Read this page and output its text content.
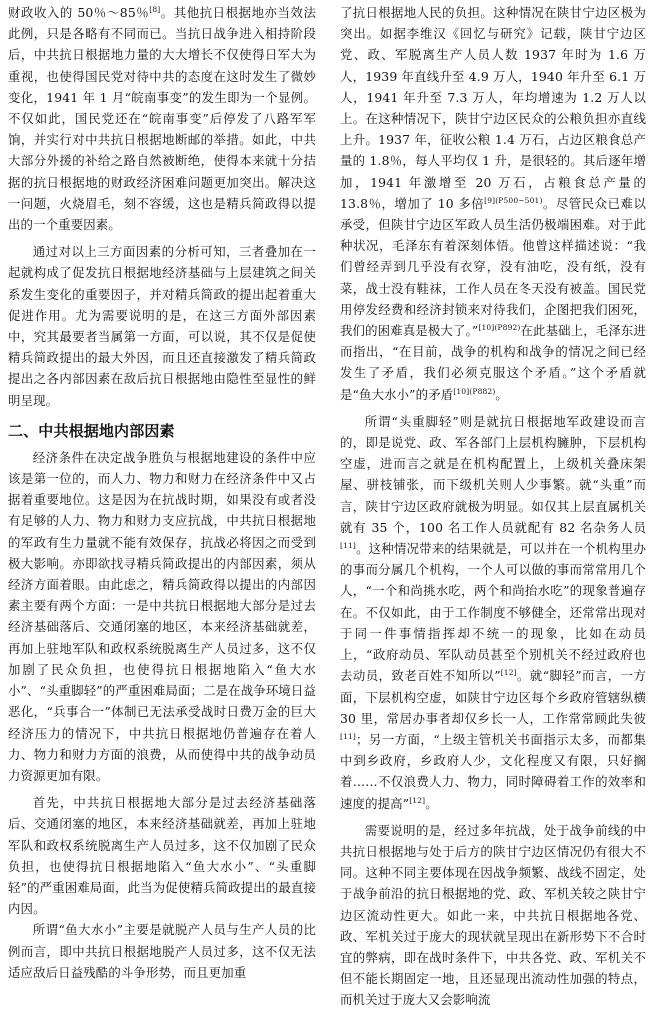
财政收入的 50％～85％[8]。其他抗日根据地亦当效法此例，只是各略有不同而已。当抗日战争进入相持阶段后，中共抗日根据地力量的大大增长不仅使得日军大为重视，也使得国民党对待中共的态度在这时发生了微妙变化，1941 年 1 月“皖南事变”的发生即为一个显例。不仅如此，国民党还在“皖南事变”后停发了八路军军饷，并实行对中共抗日根据地断邮的举措。如此，中共大部分外援的补给之路自然被断绝，使得本来就十分拮据的抗日根据地的财政经济困难问题更加突出。解决这一问题，火烧眉毛，刻不容缓，这也是精兵简政得以提出的一个重要因素。

通过对以上三方面因素的分析可知，三者叠加在一起就构成了促发抗日根据地经济基础与上层建筑之间关系发生变化的重要因子，并对精兵简政的提出起着重大促进作用。尤为需要说明的是，在这三方面外部因素中，究其最要者当属第一方面，可以说，其不仅是促使精兵简政提出的最大外因，而且还直接激发了精兵简政提出之各内部因素在敌后抗日根据地由隐性至显性的鲜明呈现。

二、中共根据地内部因素

经济条件在决定战争胜负与根据地建设的条件中应该是第一位的，而人力、物力和财力在经济条件中又占据着重要地位。这是因为在抗战时期，如果没有或者没有足够的人力、物力和财力支应抗战，中共抗日根据地的军政有生力量就不能有效保存，抗战必将因之而受到极大影响。亦即欲找寻精兵简政提出的内部因素，须从经济方面着眼。由此虑之，精兵简政得以提出的内部因素主要有两个方面：一是中共抗日根据地大部分是过去经济基础落后、交通闭塞的地区，本来经济基础就差，再加上驻地军队和政权系统脱离生产人员过多，这不仅加剧了民众负担，也使得抗日根据地陷入“鱼大水小”、“头重脚轻”的严重困难局面；二是在战争环境日益恶化，“兵事合一”体制已无法承受战时日费万金的巨大经济压力的情况下，中共抗日根据地仍普遍存在着人力、物力和财力方面的浪费，从而使得中共的战争动员力资源更加有限。

首先，中共抗日根据地大部分是过去经济基础落后、交通闭塞的地区，本来经济基础就差，再加上驻地军队和政权系统脱离生产人员过多，这不仅加剧了民众负担，也使得抗日根据地陷入“鱼大水小”、“头重脚轻”的严重困难局面，此当为促使精兵简政提出的最直接内因。

所谓“鱼大水小”主要是就脱产人员与生产人员的比例而言，即中共抗日根据地脱产人员过多，这不仅无法适应敌后日益残酷的斗争形势，而且更加重

了抗日根据地人民的负担。这种情况在陕甘宁边区极为突出。如据李维汉《回忆与研究》记载，陕甘宁边区党、政、军脱离生产人员人数 1937 年时为 1.6 万人，1939 年直线升至 4.9 万人，1940 年升至 6.1 万人，1941 年升至 7.3 万人，年均增速为 1.2 万人以上。在这种情况下，陕甘宁边区民众的公粮负担亦直线上升。1937 年，征收公粮 1.4 万石，占边区粮食总产量的 1.8％，每人平均仅 1 升，是很轻的。其后逐年增加，1941 年激增至 20 万石，占粮食总产量的 13.8％，增加了 10 多倍$^{[9](P500\sim 501)}$。尽管民众已难以承受，但陕甘宁边区军政人员生活仍极端困难。对于此种状况，毛泽东有着深刻体悟。他曾这样描述说：“我们曾经弄到几乎没有衣穿，没有油吃，没有纸，没有菜，战士没有鞋袜，工作人员在冬天没有被盖。国民党用停发经费和经济封锁来对待我们，企图把我们困死，我们的困难真是极大了。”$^{[10](P892)}$在此基础上，毛泽东进而指出，“在目前，战争的机构和战争的情况之间已经发生了矛盾，我们必须克服这个矛盾。”这个矛盾就是“鱼大水小”的矛盾$^{[10](P882)}$。

所谓“头重脚轻”则是就抗日根据地军政建设而言的，即是说党、政、军各部门上层机构臃肿，下层机构空虚，进而言之就是在机构配置上，上级机关叠床架屋、骈枝铺张，而下级机关则人少事繁。就“头重”而言，陕甘宁边区政府就极为明显。如仅其上层直属机关就有 35 个，100 名工作人员就配有 82 名杂务人员[11]。这种情况带来的结果就是，可以并在一个机构里办的事而分属几个机构，一个人可以做的事而常常用几个人，“一个和尚挑水吃，两个和尚抬水吃”的现象普遍存在。不仅如此，由于工作制度不够健全，还常常出现对于同一件事情指挥却不统一的现象，比如在动员上，“政府动员、军队动员甚至个别机关不经过政府也去动员，致老百姓不知所以”[12]。就“脚轻”而言，一方面，下层机构空虚，如陕甘宁边区每个乡政府管辖纵横 30 里，常居办事者却仅乡长一人，工作常常顾此失彼[11]；另一方面，“上级主管机关书面指示太多，而都集中到乡政府，乡政府人少，文化程度又有限，只好搁着……不仅浪费人力、物力，同时障碍着工作的效率和速度的提高”[12]。

需要说明的是，经过多年抗战，处于战争前线的中共抗日根据地与处于后方的陕甘宁边区情况仍有很大不同。这种不同主要体现在因战争频繁、战线不固定，处于战争前沿的抗日根据地的党、政、军机关较之陕甘宁边区流动性更大。如此一来，中共抗日根据地各党、政、军机关过于庞大的现状就呈现出在新形势下不合时宜的弊病，即在战时条件下，中共各党、政、军机关不但不能长期固定一地，且还显现出流动性加强的特点，而机关过于庞大又会影响流
